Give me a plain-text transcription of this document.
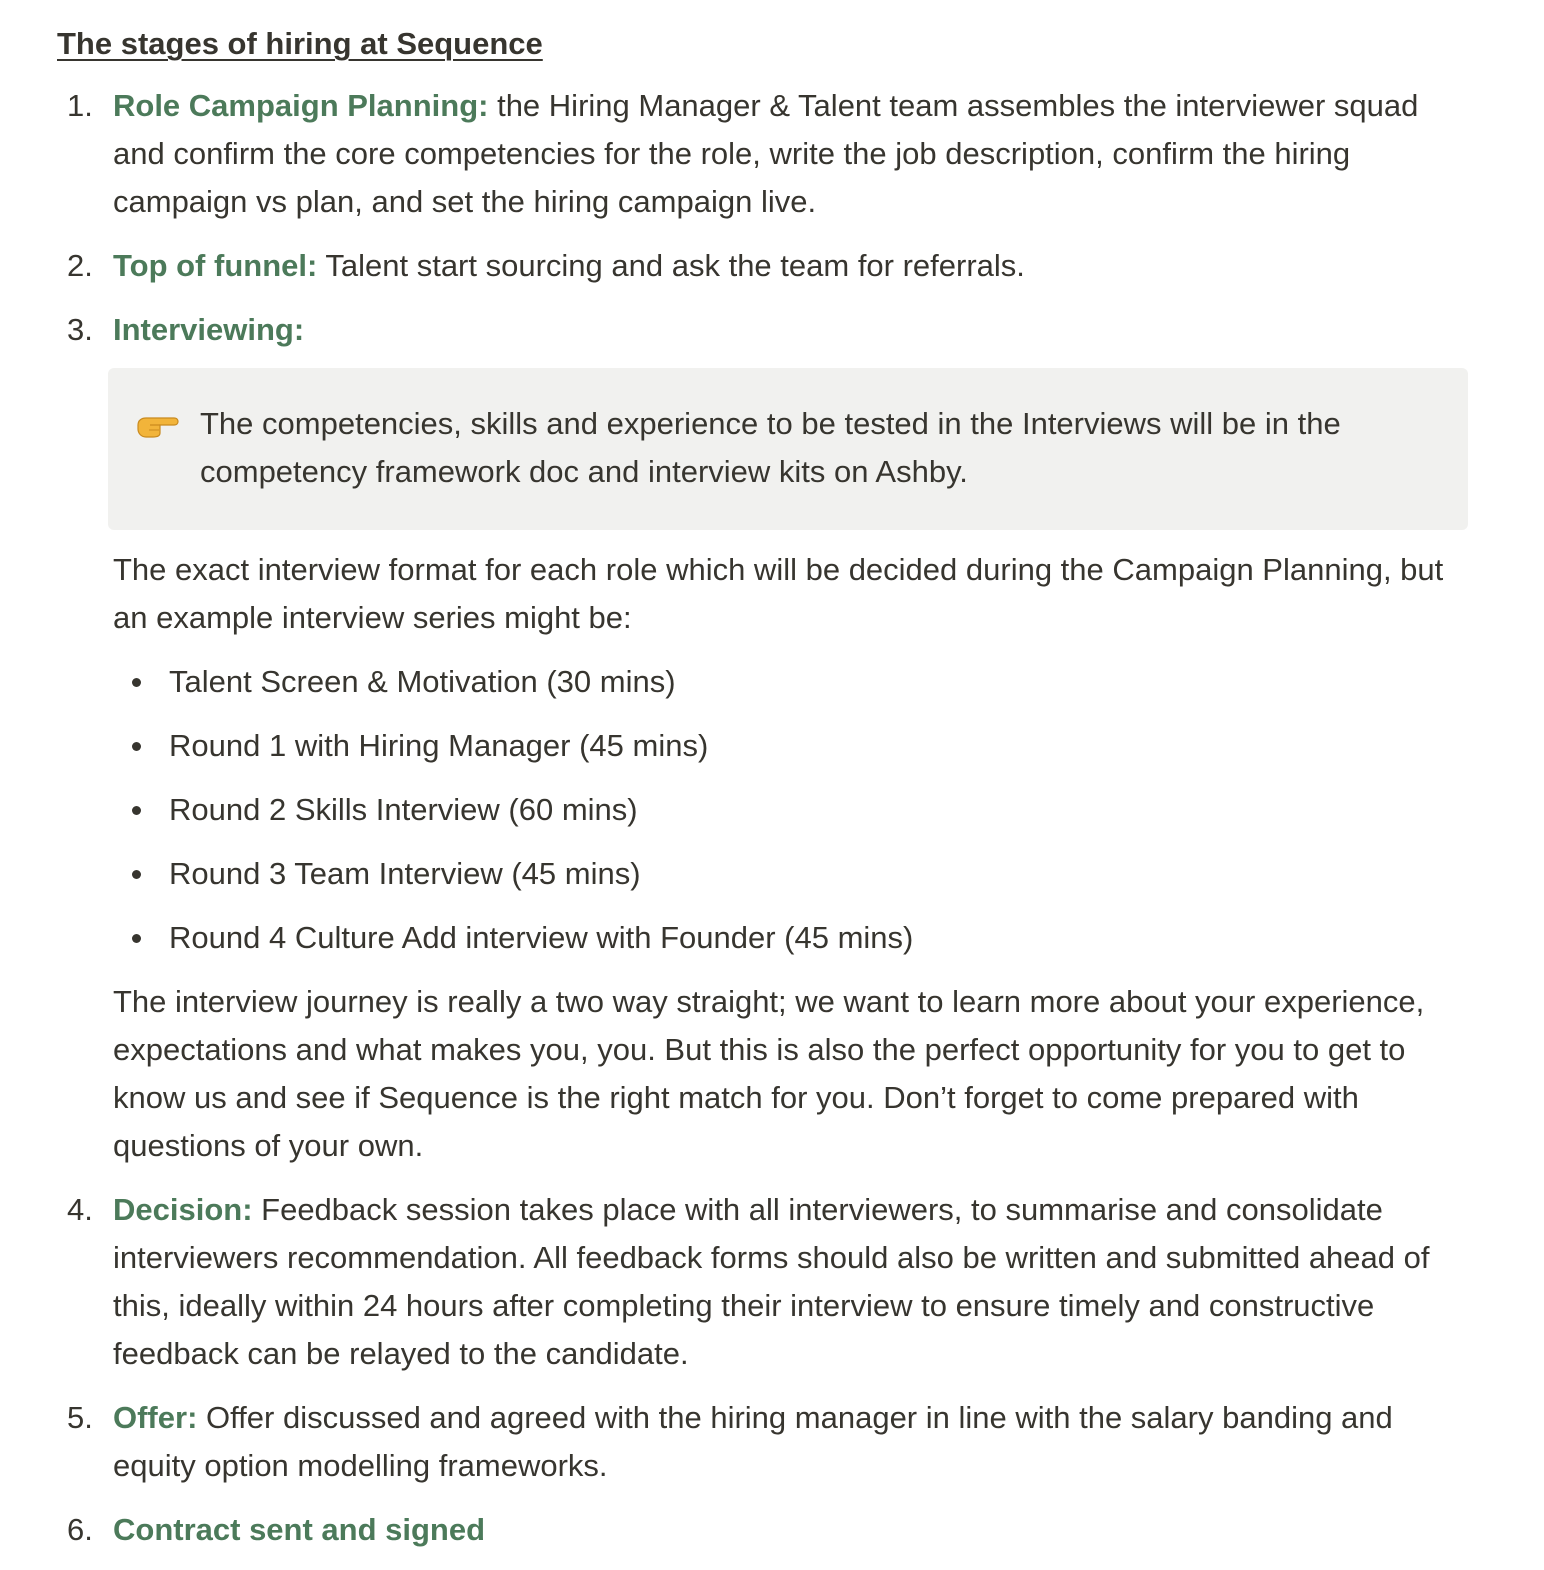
The stages of hiring at Sequence
1. Role Campaign Planning: the Hiring Manager & Talent team assembles the interviewer squad and confirm the core competencies for the role, write the job description, confirm the hiring campaign vs plan, and set the hiring campaign live.
2. Top of funnel: Talent start sourcing and ask the team for referrals.
3. Interviewing:
The competencies, skills and experience to be tested in the Interviews will be in the competency framework doc and interview kits on Ashby.
The exact interview format for each role which will be decided during the Campaign Planning, but an example interview series might be:
Talent Screen & Motivation (30 mins)
Round 1 with Hiring Manager (45 mins)
Round 2 Skills Interview (60 mins)
Round 3 Team Interview (45 mins)
Round 4 Culture Add interview with Founder (45 mins)
The interview journey is really a two way straight; we want to learn more about your experience, expectations and what makes you, you. But this is also the perfect opportunity for you to get to know us and see if Sequence is the right match for you. Don’t forget to come prepared with questions of your own.
4. Decision: Feedback session takes place with all interviewers, to summarise and consolidate interviewers recommendation. All feedback forms should also be written and submitted ahead of this, ideally within 24 hours after completing their interview to ensure timely and constructive feedback can be relayed to the candidate.
5. Offer: Offer discussed and agreed with the hiring manager in line with the salary banding and equity option modelling frameworks.
6. Contract sent and signed
